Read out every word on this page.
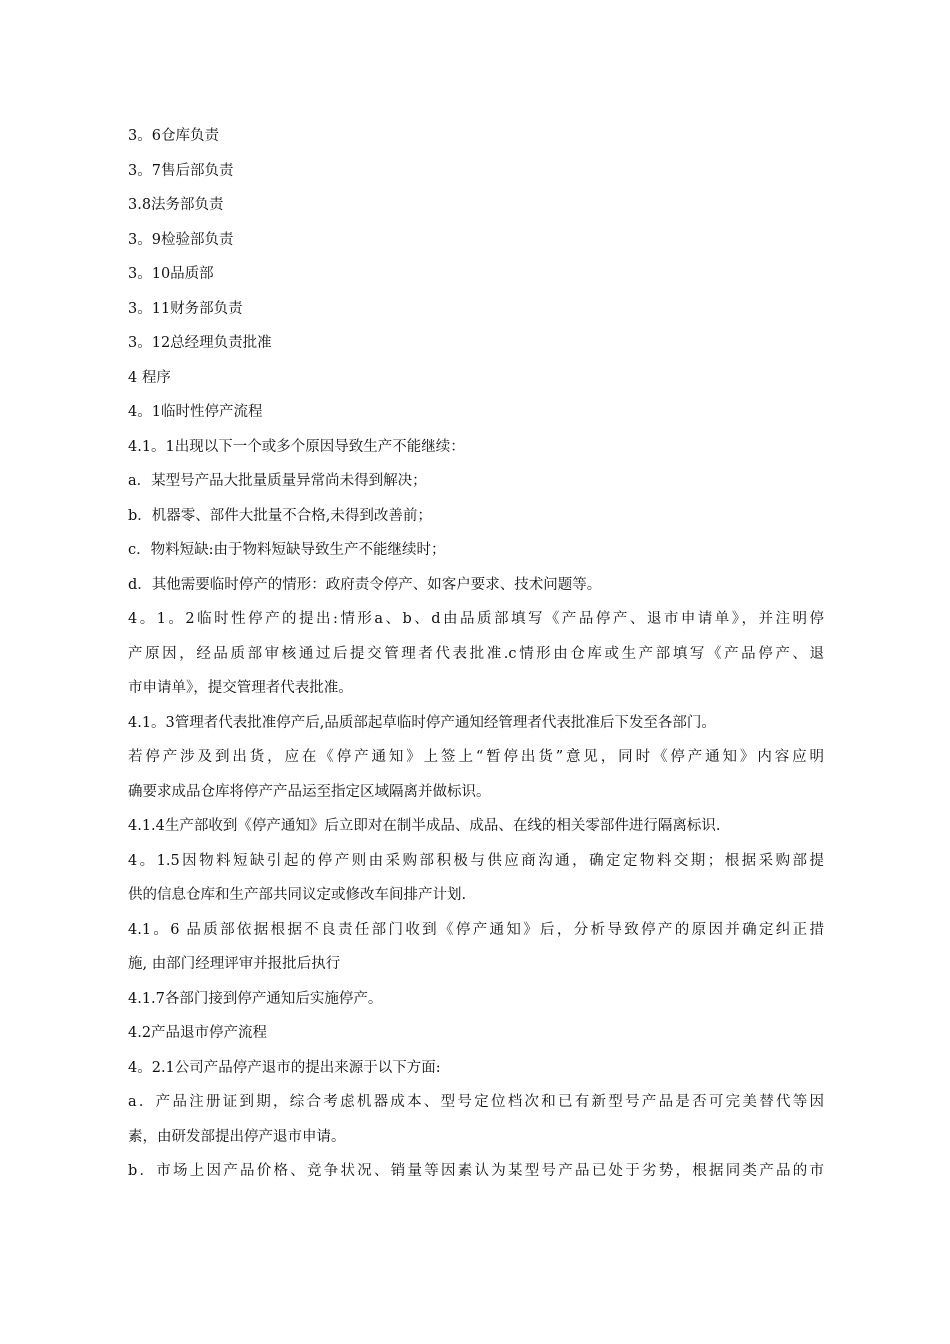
3。6仓库负责
3。7售后部负责
3.8法务部负责
3。9检验部负责
3。10品质部
3。11财务部负责
3。12总经理负责批准
4 程序
4。1临时性停产流程
4.1。1出现以下一个或多个原因导致生产不能继续：
a．某型号产品大批量质量异常尚未得到解决；
b．机器零、部件大批量不合格,未得到改善前；
c．物料短缺:由于物料短缺导致生产不能继续时；
d．其他需要临时停产的情形：政府责令停产、如客户要求、技术问题等。
4。1。2临时性停产的提出:情形a、b、d由品质部填写《产品停产、退市申请单》，并注明停
产原因，经品质部审核通过后提交管理者代表批准.c情形由仓库或生产部填写《产品停产、退
市申请单》，提交管理者代表批准。
4.1。3管理者代表批准停产后,品质部起草临时停产通知经管理者代表批准后下发至各部门。
若停产涉及到出货，应在《停产通知》上签上“暂停出货”意见，同时《停产通知》内容应明
确要求成品仓库将停产产品运至指定区域隔离并做标识。
4.1.4生产部收到《停产通知》后立即对在制半成品、成品、在线的相关零部件进行隔离标识.
4。1.5因物料短缺引起的停产则由采购部积极与供应商沟通，确定定物料交期；根据采购部提
供的信息仓库和生产部共同议定或修改车间排产计划.
4.1。6 品质部依据根据不良责任部门收到《停产通知》后，分析导致停产的原因并确定纠正措
施, 由部门经理评审并报批后执行
4.1.7各部门接到停产通知后实施停产。
4.2产品退市停产流程
4。2.1公司产品停产退市的提出来源于以下方面:
a．产品注册证到期，综合考虑机器成本、型号定位档次和已有新型号产品是否可完美替代等因
素，由研发部提出停产退市申请。
b．市场上因产品价格、竞争状况、销量等因素认为某型号产品已处于劣势，根据同类产品的市
